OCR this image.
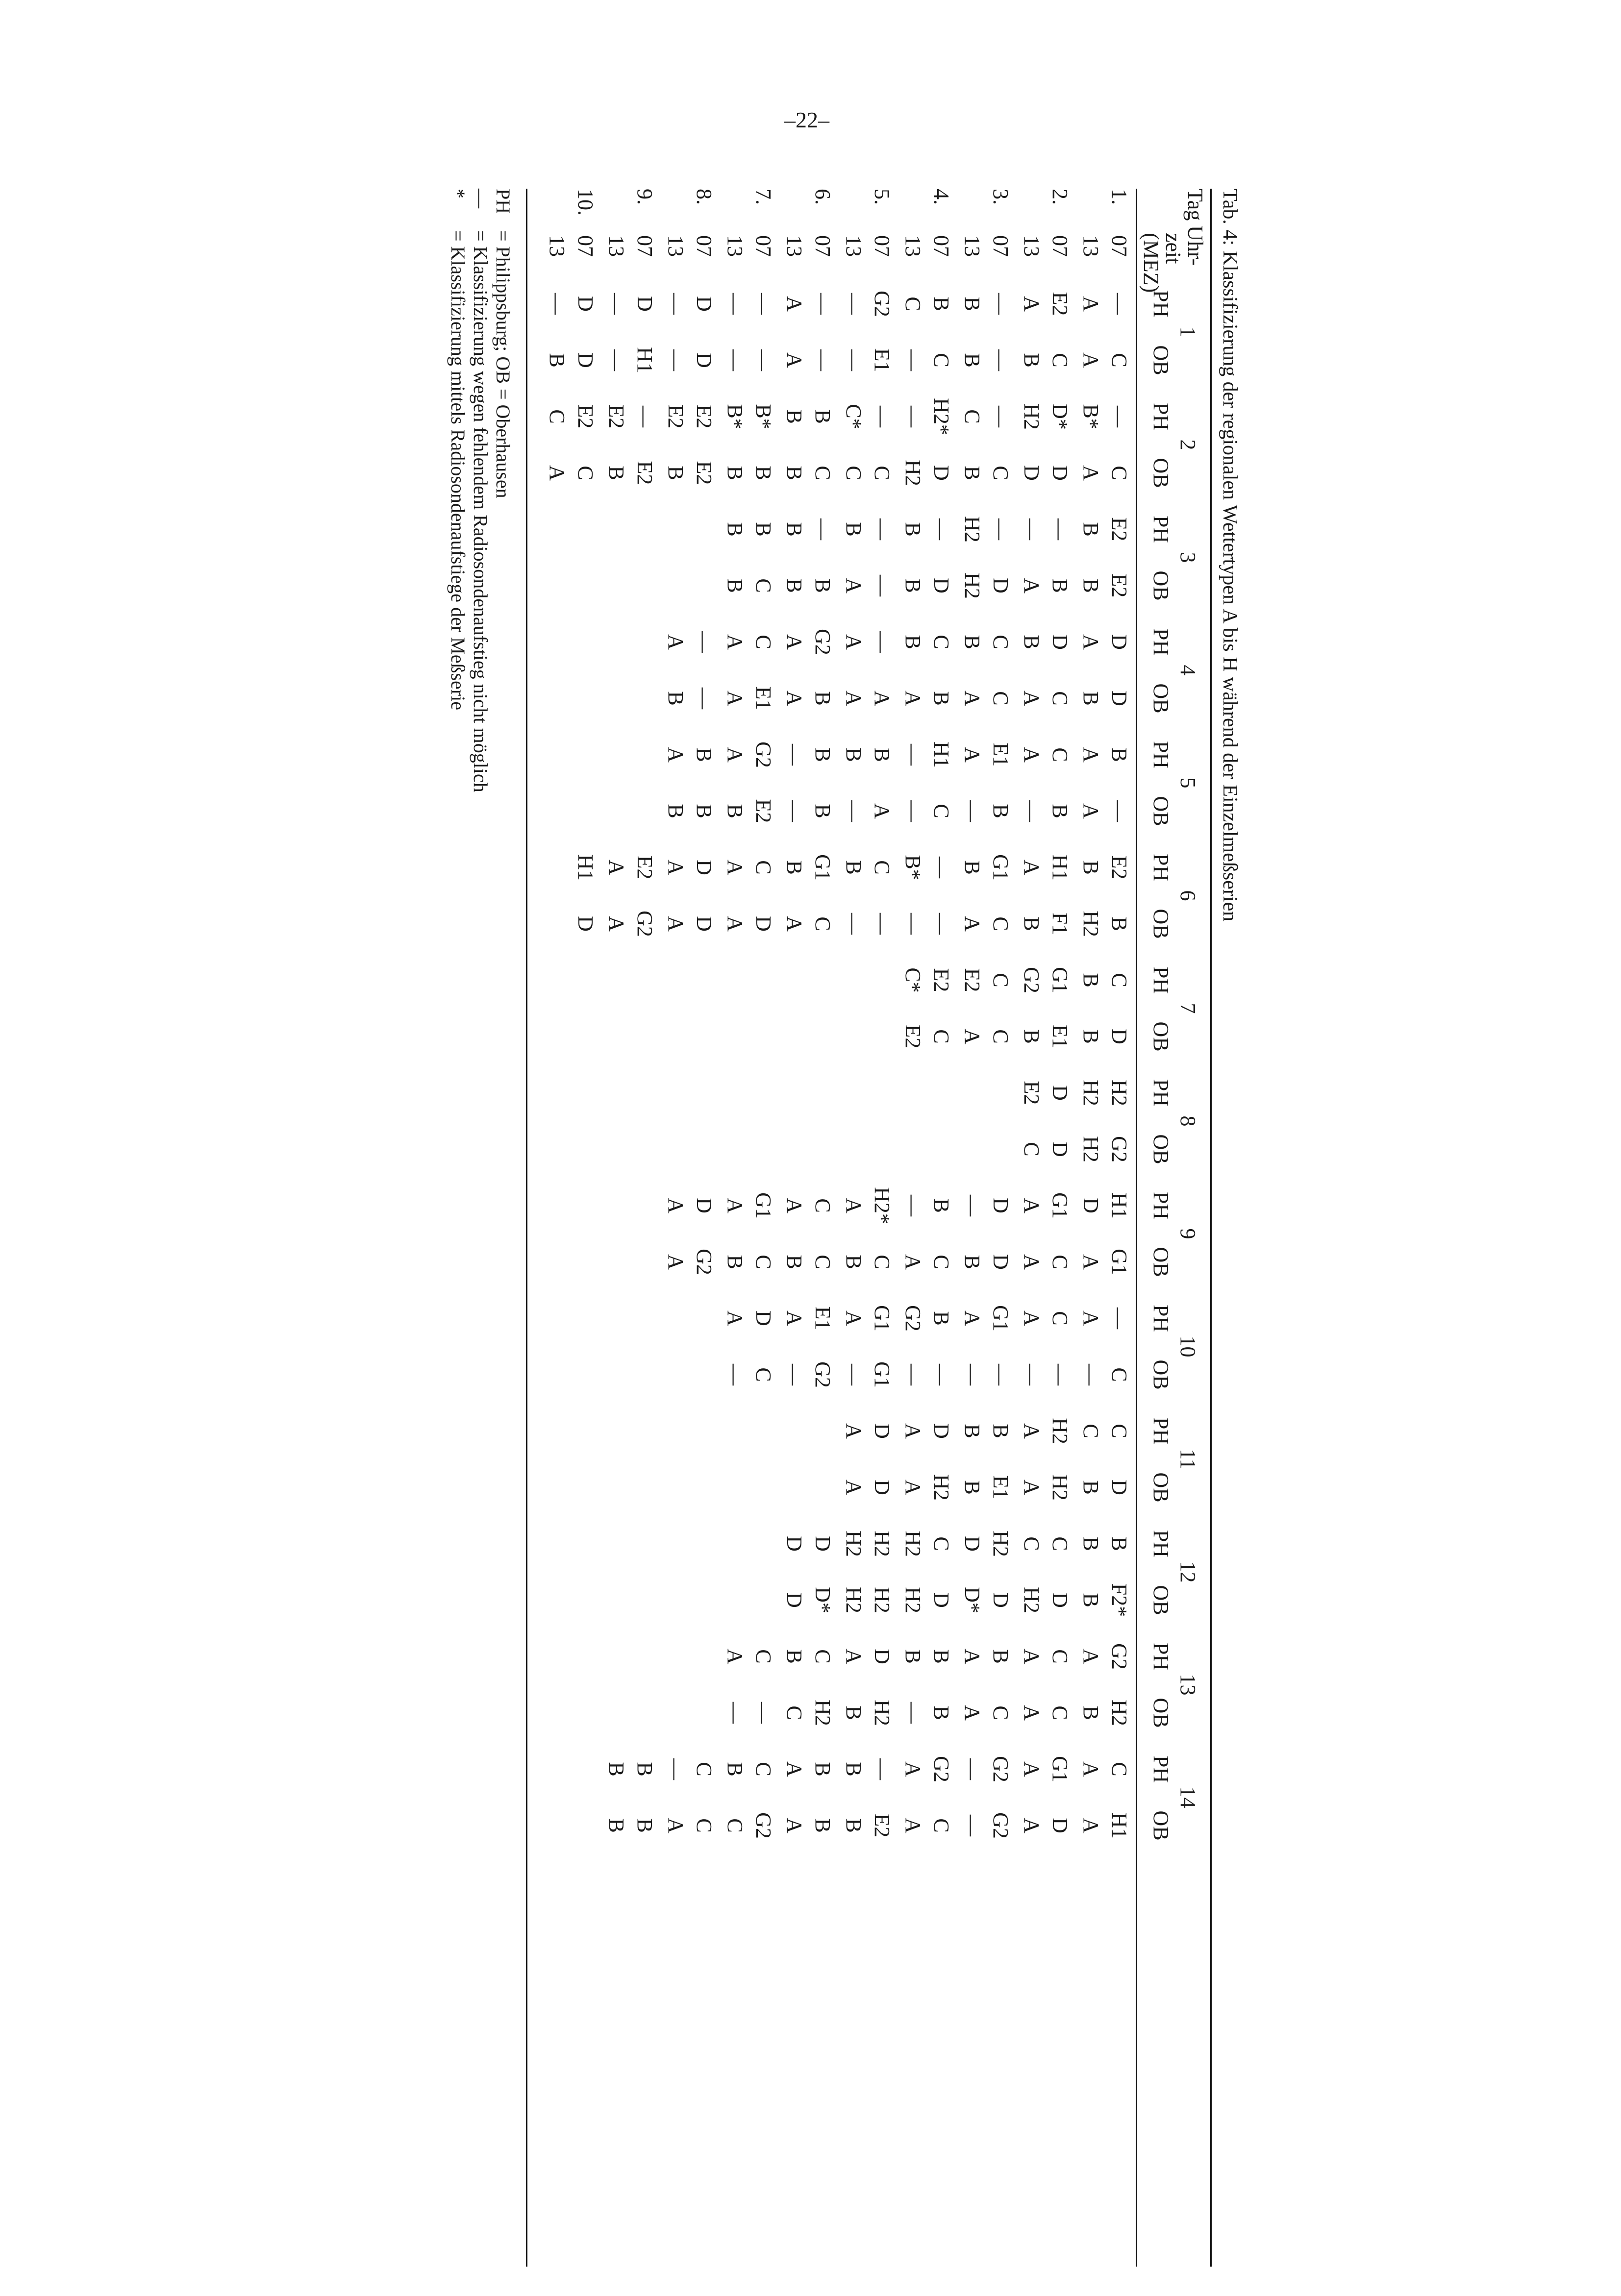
–22–
Tab. 4: Klassifizierung der regionalen Wettertypen A bis H während der Einzelmeßserien
Tag
Uhr-
zeit
(MEZ)
1
PH
OB
2
PH
OB
3
PH
OB
4
PH
OB
5
PH
OB
6
PH
OB
7
PH
OB
8
PH
OB
9
PH
OB
10
PH
OB
11
PH
OB
12
PH
OB
13
PH
OB
14
PH
OB
1.
07
—
C
—
C
E2
E2
D
D
B
—
E2
B
C
D
H2
G2
H1
G1
—
C
C
D
B
F2*
G2
H2
C
H1
13
A
A
B*
A
B
B
A
B
A
A
B
H2
B
B
H2
H2
D
A
A
—
C
B
B
B
A
B
A
A
2.
07
E2
C
D*
D
—
B
D
C
C
B
H1
F1
G1
E1
D
D
G1
C
C
—
H2
H2
C
D
C
C
G1
D
13
A
B
H2
D
—
A
B
A
A
—
A
B
G2
B
E2
C
A
A
A
—
A
A
C
H2
A
A
A
A
3.
07
—
—
—
C
—
D
C
C
E1
B
G1
C
C
C
D
D
G1
—
B
E1
H2
D
B
C
G2
G2
13
B
B
C
B
H2
H2
B
A
A
—
B
A
E2
A
—
B
A
—
B
B
D
D*
A
A
—
—
4.
07
B
C
H2*
D
—
D
C
B
H1
C
—
—
E2
C
B
C
B
—
D
H2
C
D
B
B
G2
C
13
C
—
—
H2
B
B
B
A
—
—
B*
—
C*
E2
—
A
G2
—
A
A
H2
H2
B
—
A
A
5.
07
G2
E1
—
C
—
—
—
A
B
A
C
—
H2*
C
G1
G1
D
D
H2
H2
D
H2
—
E2
13
—
—
C*
C
B
A
A
A
B
—
B
—
A
B
A
—
A
A
H2
H2
A
B
B
B
6.
07
—
—
B
C
—
B
G2
B
B
B
G1
C
C
C
E1
G2
D
D*
C
H2
B
B
13
A
A
B
B
B
B
A
A
—
—
B
A
A
B
A
—
D
D
B
C
A
A
7.
07
—
—
B*
B
B
C
C
E1
G2
E2
C
D
G1
C
D
C
C
—
C
G2
13
—
—
B*
B
B
B
A
A
A
B
A
A
A
B
A
—
A
—
B
C
8.
07
D
D
E2
E2
—
—
B
B
D
D
D
G2
C
C
13
—
—
E2
B
A
B
A
B
A
A
A
A
—
A
9.
07
D
H1
—
E2
E2
G2
B
B
13
—
—
E2
B
A
A
B
B
10.
07
D
D
E2
C
H1
D
13
—
B
C
A
PH= Philippsburg; OB = Oberhausen
—= Klassifizierung wegen fehlendem Radiosondenaufstieg nicht möglich
*= Klassifizierung mittels Radiosondenaufstiege der Meßserie
